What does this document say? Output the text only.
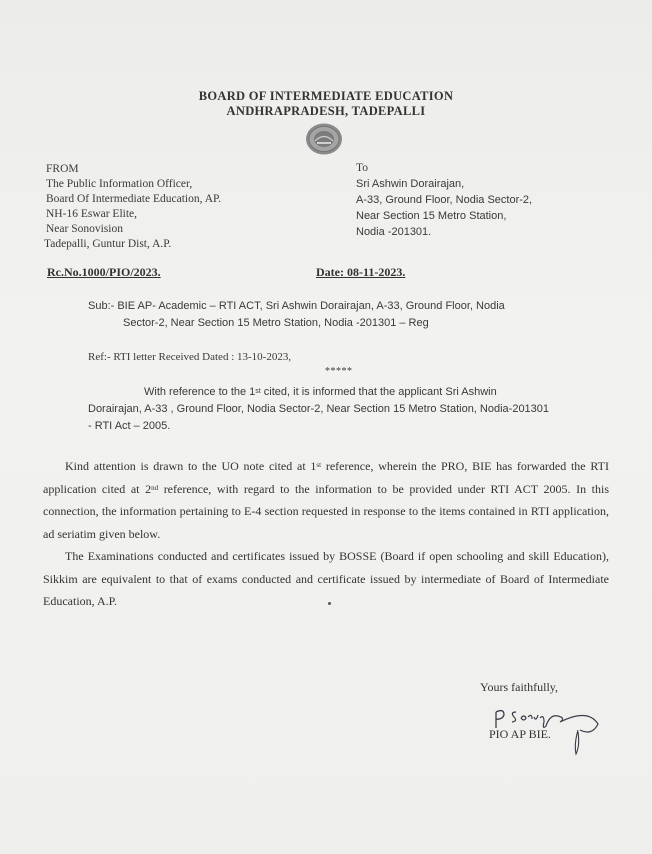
BOARD OF INTERMEDIATE EDUCATION
ANDHRAPRADESH, TADEPALLI
FROM
The Public Information Officer,
Board Of Intermediate Education, AP.
NH-16 Eswar Elite,
Near Sonovision
Tadepalli, Guntur Dist, A.P.
To
Sri Ashwin Dorairajan,
A-33, Ground Floor, Nodia Sector-2,
Near Section 15 Metro Station,
Nodia -201301.
Rc.No.1000/PIO/2023.	Date: 08-11-2023.
Sub:- BIE AP- Academic – RTI ACT, Sri Ashwin Dorairajan, A-33, Ground Floor, Nodia
Sector-2, Near Section 15 Metro Station, Nodia -201301 – Reg
Ref:- RTI letter Received Dated : 13-10-2023,
*****
With reference to the 1st cited, it is informed that the applicant Sri Ashwin
Dorairajan, A-33 , Ground Floor, Nodia Sector-2, Near Section 15 Metro Station, Nodia-201301
- RTI Act – 2005.
Kind attention is drawn to the UO note cited at 1st reference, wherein the PRO, BIE has forwarded the RTI application cited at 2nd reference, with regard to the information to be provided under RTI ACT 2005. In this connection, the information pertaining to E-4 section requested in response to the items contained in RTI application, ad seriatim given below.
The Examinations conducted and certificates issued by BOSSE (Board if open schooling and skill Education), Sikkim are equivalent to that of exams conducted and certificate issued by intermediate of Board of Intermediate Education, A.P.
Yours faithfully,
PIO AP BIE.
